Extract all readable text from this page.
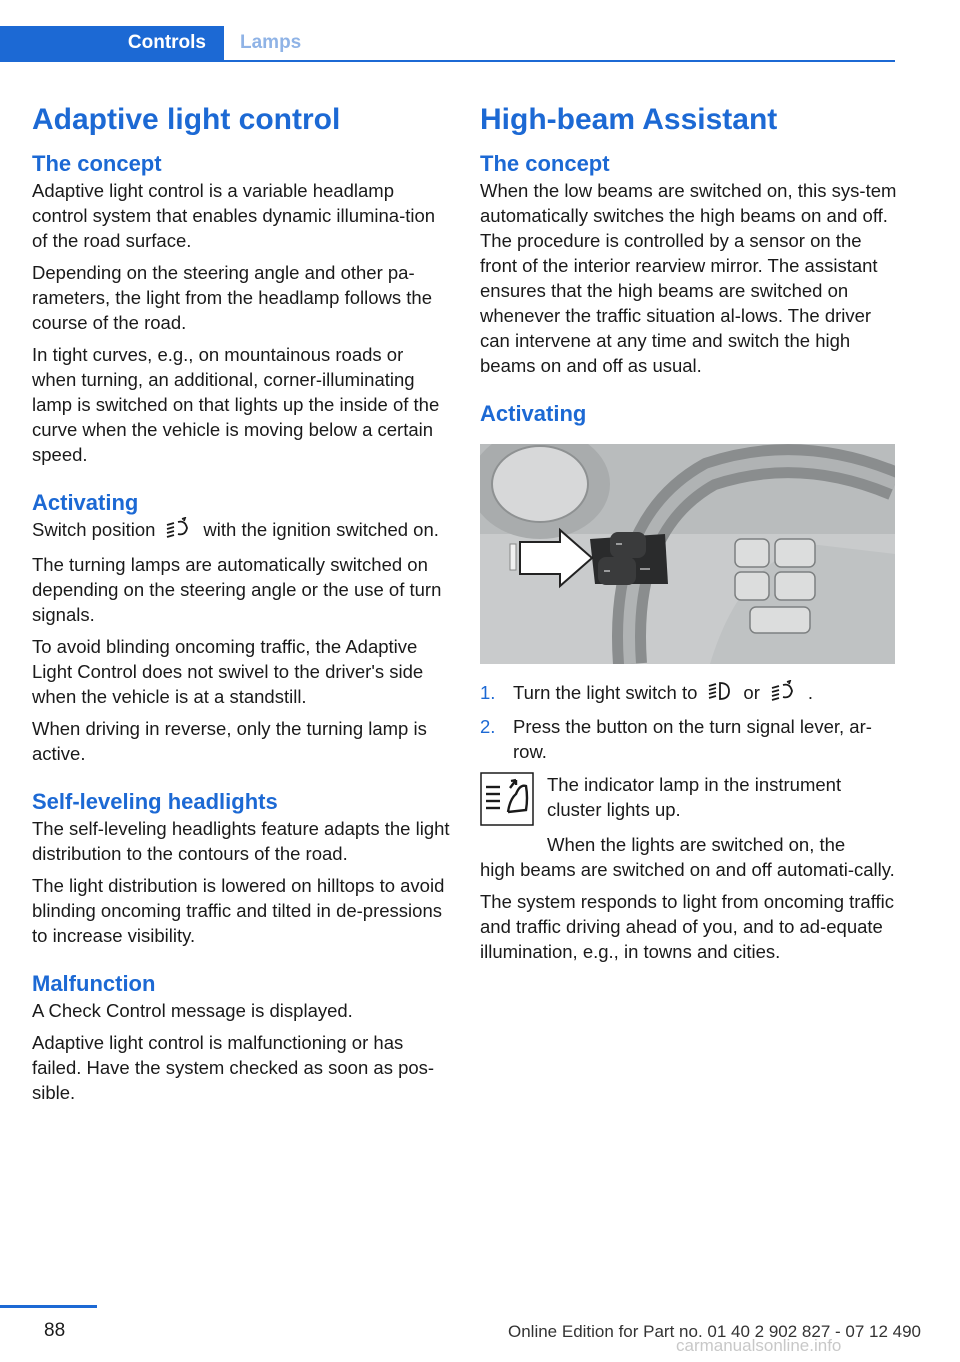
Controls	Lamps
Adaptive light control
The concept

Adaptive light control is a variable headlamp control system that enables dynamic illumina‐tion of the road surface.

Depending on the steering angle and other pa‐rameters, the light from the headlamp follows the course of the road.

In tight curves, e.g., on mountainous roads or when turning, an additional, corner-illuminating lamp is switched on that lights up the inside of the curve when the vehicle is moving below a certain speed.

Activating

Switch position	with the ignition switched on.

The turning lamps are automatically switched on depending on the steering angle or the use of turn signals.

To avoid blinding oncoming traffic, the Adaptive Light Control does not swivel to the driver's side when the vehicle is at a standstill.

When driving in reverse, only the turning lamp is active.

Self-leveling headlights

The self-leveling headlights feature adapts the light distribution to the contours of the road.

The light distribution is lowered on hilltops to avoid blinding oncoming traffic and tilted in de‐pressions to increase visibility.

Malfunction

A Check Control message is displayed.

Adaptive light control is malfunctioning or has failed. Have the system checked as soon as pos‐sible.

High-beam Assistant
The concept

When the low beams are switched on, this sys‐tem automatically switches the high beams on and off. The procedure is controlled by a sensor on the front of the interior rearview mirror. The assistant ensures that the high beams are switched on whenever the traffic situation al‐lows. The driver can intervene at any time and switch the high beams on and off as usual.

Activating
1. Turn the light switch to or	.
2. Press the button on the turn signal lever, ar‐row.
The indicator lamp in the instrument cluster lights up.

When the lights are switched on, the

high beams are switched on and off automati‐cally.

The system responds to light from oncoming traffic and traffic driving ahead of you, and to ad‐equate illumination, e.g., in towns and cities.

88	Online Edition for Part no. 01 40 2 902 827 - 07 12 490
carmanualsonline.info
